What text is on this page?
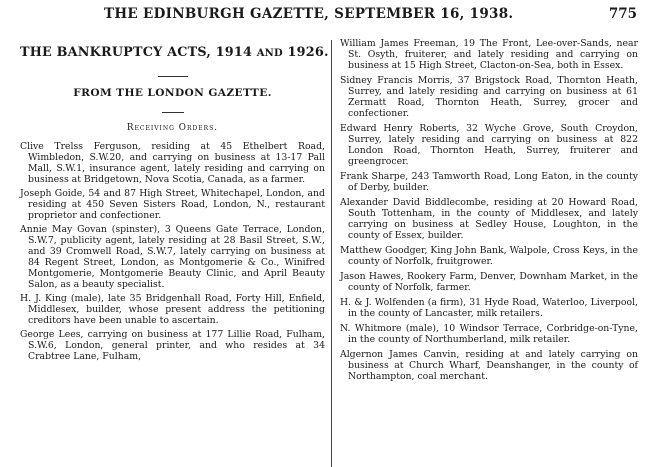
THE EDINBURGH GAZETTE, SEPTEMBER 16, 1938.	775
THE BANKRUPTCY ACTS, 1914 AND 1926.
FROM THE LONDON GAZETTE.
Receiving Orders.

Clive Trelss Ferguson, residing at 45 Ethelbert Road, Wimbledon, S.W.20, and carrying on business at 13-17 Pall Mall, S.W.1, insurance agent, lately residing and carrying on business at Bridgetown, Nova Scotia, Canada, as a farmer.

Joseph Goide, 54 and 87 High Street, Whitechapel, London, and residing at 450 Seven Sisters Road, London, N., restaurant proprietor and confectioner.

Annie May Govan (spinster), 3 Queens Gate Terrace, London, S.W.7, publicity agent, lately residing at 28 Basil Street, S.W., and 39 Cromwell Road, S.W.7, lately carrying on business at 84 Regent Street, London, as Montgomerie & Co., Winifred Montgomerie, Montgomerie Beauty Clinic, and April Beauty Salon, as a beauty specialist.

H. J. King (male), late 35 Bridgenhall Road, Forty Hill, Enfield, Middlesex, builder, whose present address the petitioning creditors have been unable to ascertain.

George Lees, carrying on business at 177 Lillie Road, Fulham, S.W.6, London, general printer, and who resides at 34 Crabtree Lane, Fulham,

William James Freeman, 19 The Front, Lee-over-Sands, near St. Osyth, fruiterer, and lately residing and carrying on business at 15 High Street, Clacton-on-Sea, both in Essex.

Sidney Francis Morris, 37 Brigstock Road, Thornton Heath, Surrey, and lately residing and carrying on business at 61 Zermatt Road, Thornton Heath, Surrey, grocer and confectioner.

Edward Henry Roberts, 32 Wyche Grove, South Croydon, Surrey, lately residing and carrying on business at 822 London Road, Thornton Heath, Surrey, fruiterer and greengrocer.

Frank Sharpe, 243 Tamworth Road, Long Eaton, in the county of Derby, builder.

Alexander David Biddlecombe, residing at 20 Howard Road, South Tottenham, in the county of Middlesex, and lately carrying on business at Sedley House, Loughton, in the county of Essex, builder.

Matthew Goodger, King John Bank, Walpole, Cross Keys, in the county of Norfolk, fruitgrower.

Jason Hawes, Rookery Farm, Denver, Downham Market, in the county of Norfolk, farmer.

H. & J. Wolfenden (a firm), 31 Hyde Road, Waterloo, Liverpool, in the county of Lancaster, milk retailers.

N. Whitmore (male), 10 Windsor Terrace, Corbridge-on-Tyne, in the county of Northumberland, milk retailer.

Algernon James Canvin, residing at and lately carrying on business at Church Wharf, Deanshanger, in the county of Northampton, coal merchant.
